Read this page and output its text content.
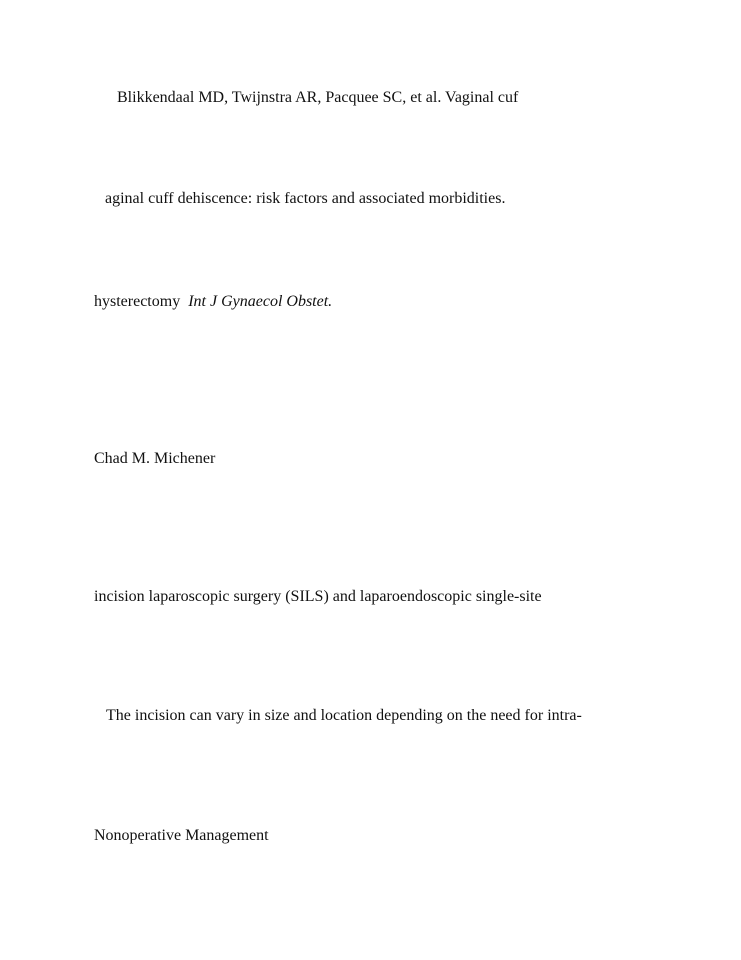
Blikkendaal MD, Twijnstra AR, Pacquee SC, et al. Vaginal cuf
aginal cuff dehiscence: risk factors and associated morbidities.
hysterectomy Int J Gynaecol Obstet.
Chad M. Michener
incision laparoscopic surgery (SILS) and laparoendoscopic single-site
The incision can vary in size and location depending on the need for intra-
Nonoperative Management
